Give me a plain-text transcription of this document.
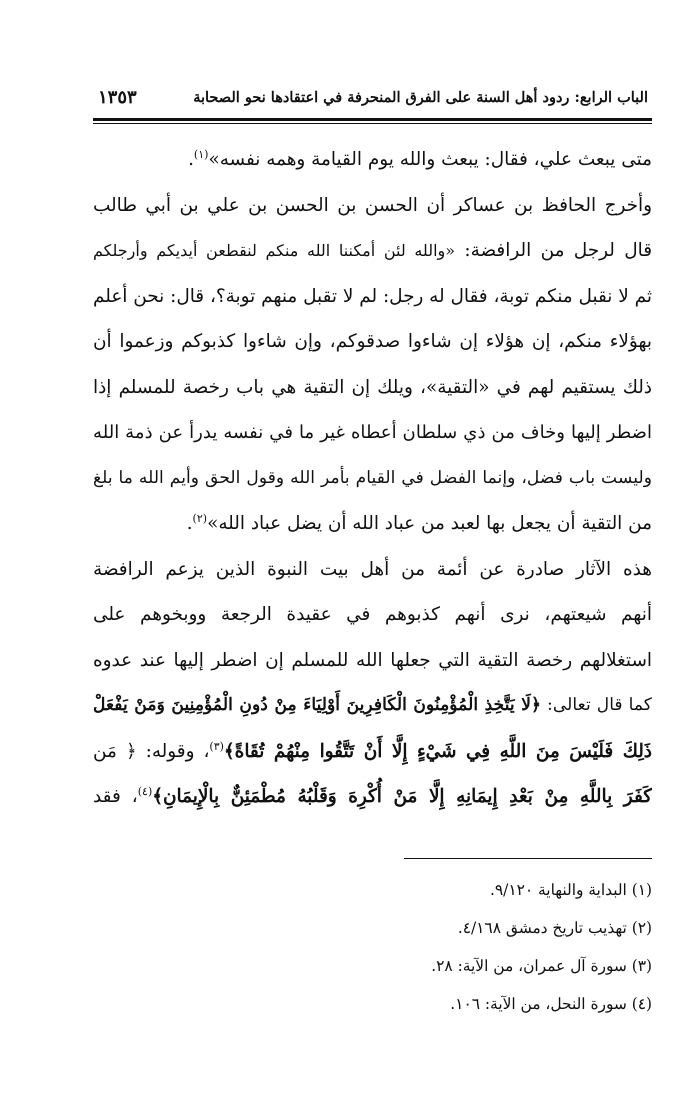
الباب الرابع: ردود أهل السنة على الفرق المنحرفة في اعتقادها نحو الصحابة
١٣٥٣
متى يبعث علي، فقال: يبعث والله يوم القيامة وهمه نفسه»$^{(١)}$.
وأخرج الحافظ بن عساكر أن الحسن بن الحسن بن علي بن أبي طالب
قال لرجل من الرافضة: «والله لئن أمكننا الله منكم لنقطعن أيديكم وأرجلكم
ثم لا نقبل منكم توبة، فقال له رجل: لم لا تقبل منهم توبة؟، قال: نحن أعلم
بهؤلاء منكم، إن هؤلاء إن شاءوا صدقوكم، وإن شاءوا كذبوكم وزعموا أن
ذلك يستقيم لهم في «التقية»، ويلك إن التقية هي باب رخصة للمسلم إذا
اضطر إليها وخاف من ذي سلطان أعطاه غير ما في نفسه يدرأ عن ذمة الله
وليست باب فضل، وإنما الفضل في القيام بأمر الله وقول الحق وأيم الله ما بلغ
من التقية أن يجعل بها لعبد من عباد الله أن يضل عباد الله»$^{(٢)}$.
هذه الآثار صادرة عن أئمة من أهل بيت النبوة الذين يزعم الرافضة
أنهم شيعتهم، نرى أنهم كذبوهم في عقيدة الرجعة ووبخوهم على
استغلالهم رخصة التقية التي جعلها الله للمسلم إن اضطر إليها عند عدوه
كما قال تعالى: ﴿لَا يَتَّخِذِ الْمُؤْمِنُونَ الْكَافِرِينَ أَوْلِيَاءَ مِنْ دُونِ الْمُؤْمِنِينَ وَمَنْ يَفْعَلْ
ذَلِكَ فَلَيْسَ مِنَ اللَّهِ فِي شَيْءٍ إِلَّا أَنْ تَتَّقُوا مِنْهُمْ تُقَاةً﴾$^{(٣)}$، وقوله: ﴿ مَن
كَفَرَ بِاللَّهِ مِنْ بَعْدِ إِيمَانِهِ إِلَّا مَنْ أُكْرِهَ وَقَلْبُهُ مُطْمَئِنٌّ بِالْإِيمَانِ﴾$^{(٤)}$، فقد
(١) البداية والنهاية ٩/١٢٠.
(٢) تهذيب تاريخ دمشق ٤/١٦٨.
(٣) سورة آل عمران، من الآية: ٢٨.
(٤) سورة النحل، من الآية: ١٠٦.
